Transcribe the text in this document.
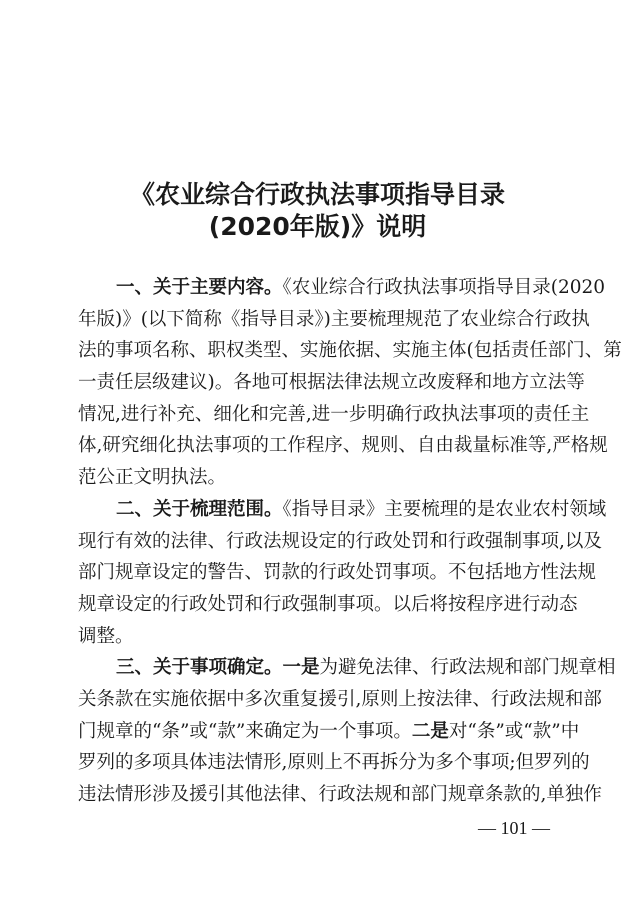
《农业综合行政执法事项指导目录
(2020年版)》说明
一、关于主要内容。《农业综合行政执法事项指导目录(2020
年版)》(以下简称《指导目录》)主要梳理规范了农业综合行政执
法的事项名称、职权类型、实施依据、实施主体(包括责任部门、第
一责任层级建议)。各地可根据法律法规立改废释和地方立法等
情况,进行补充、细化和完善,进一步明确行政执法事项的责任主
体,研究细化执法事项的工作程序、规则、自由裁量标准等,严格规
范公正文明执法。
二、关于梳理范围。《指导目录》主要梳理的是农业农村领域
现行有效的法律、行政法规设定的行政处罚和行政强制事项,以及
部门规章设定的警告、罚款的行政处罚事项。不包括地方性法规
规章设定的行政处罚和行政强制事项。以后将按程序进行动态
调整。
三、关于事项确定。一是为避免法律、行政法规和部门规章相
关条款在实施依据中多次重复援引,原则上按法律、行政法规和部
门规章的“条”或“款”来确定为一个事项。二是对“条”或“款”中
罗列的多项具体违法情形,原则上不再拆分为多个事项;但罗列的
违法情形涉及援引其他法律、行政法规和部门规章条款的,单独作
— 101 —
